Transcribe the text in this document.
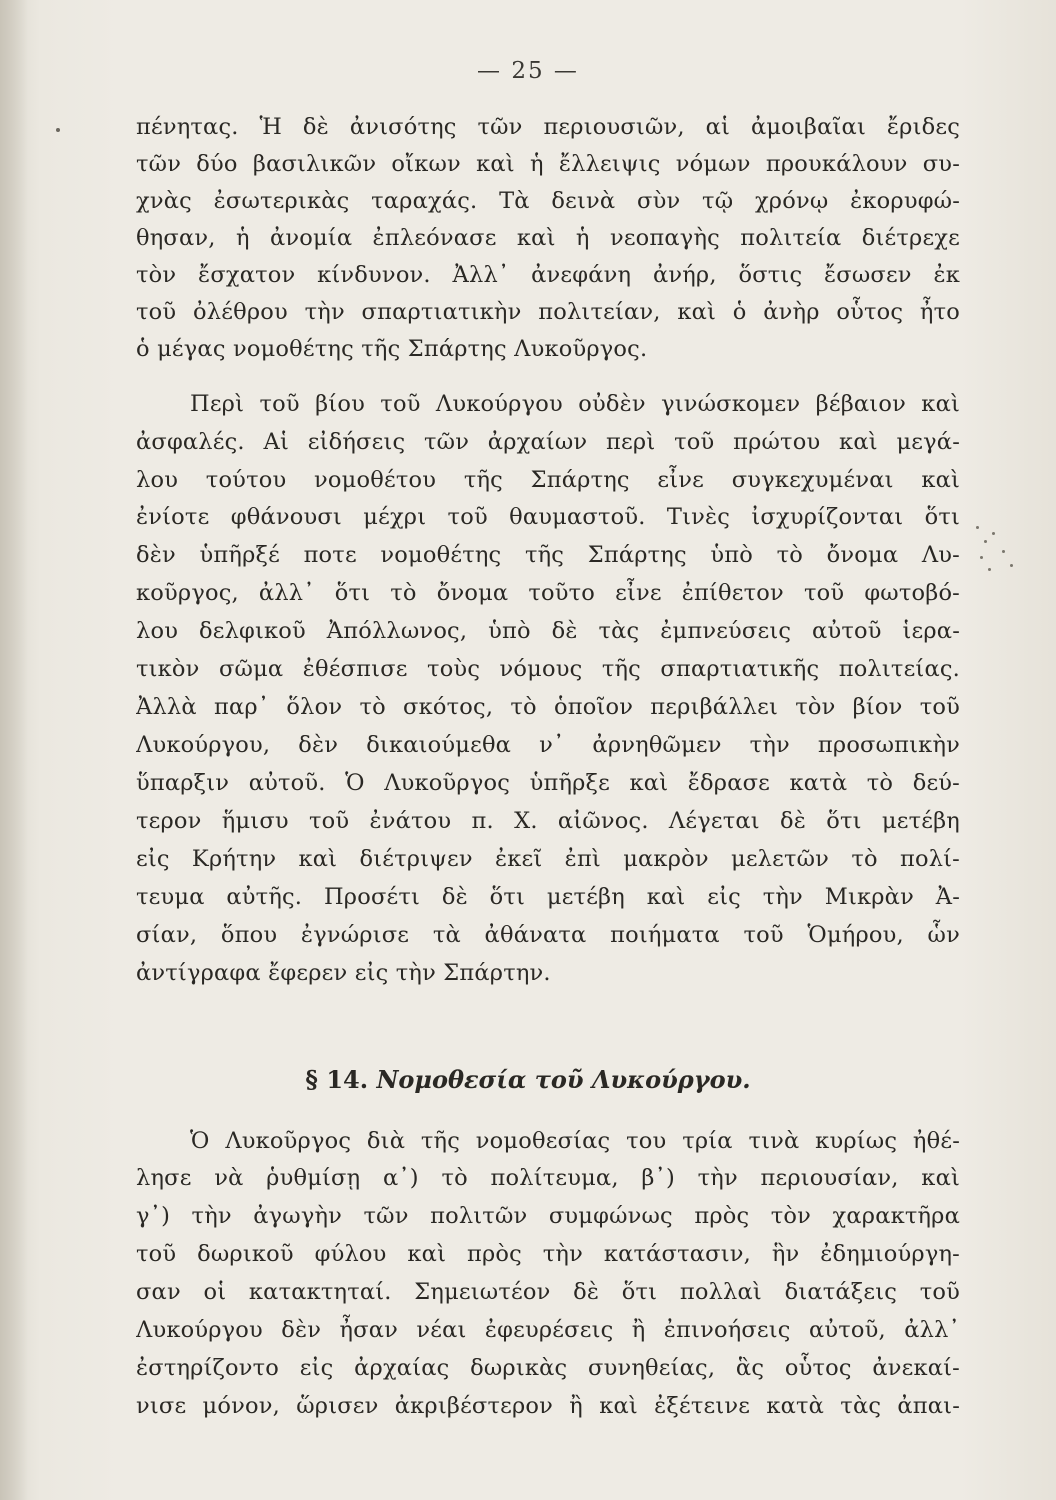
— 25 —
πένητας. Ἡ δὲ ἀνισότης τῶν περιουσιῶν, αἱ ἀμοιβαῖαι ἔριδες
τῶν δύο βασιλικῶν οἴκων καὶ ἡ ἔλλειψις νόμων προυκάλουν συ-
χνὰς ἐσωτερικὰς ταραχάς. Τὰ δεινὰ σὺν τῷ χρόνῳ ἐκορυφώ-
θησαν, ἡ ἀνομία ἐπλεόνασε καὶ ἡ νεοπαγὴς πολιτεία διέτρεχε
τὸν ἔσχατον κίνδυνον. Ἀλλ᾽ ἀνεφάνη ἀνήρ, ὅστις ἔσωσεν ἐκ
τοῦ ὀλέθρου τὴν σπαρτιατικὴν πολιτείαν, καὶ ὁ ἀνὴρ οὗτος ἦτο
ὁ μέγας νομοθέτης τῆς Σπάρτης Λυκοῦργος.
Περὶ τοῦ βίου τοῦ Λυκούργου οὐδὲν γινώσκομεν βέβαιον καὶ
ἀσφαλές. Αἱ εἰδήσεις τῶν ἀρχαίων περὶ τοῦ πρώτου καὶ μεγά-
λου τούτου νομοθέτου τῆς Σπάρτης εἶνε συγκεχυμέναι καὶ
ἐνίοτε φθάνουσι μέχρι τοῦ θαυμαστοῦ. Τινὲς ἰσχυρίζονται ὅτι
δὲν ὑπῆρξέ ποτε νομοθέτης τῆς Σπάρτης ὑπὸ τὸ ὄνομα Λυ-
κοῦργος, ἀλλ᾽ ὅτι τὸ ὄνομα τοῦτο εἶνε ἐπίθετον τοῦ φωτοβό-
λου δελφικοῦ Ἀπόλλωνος, ὑπὸ δὲ τὰς ἐμπνεύσεις αὐτοῦ ἱερα-
τικὸν σῶμα ἐθέσπισε τοὺς νόμους τῆς σπαρτιατικῆς πολιτείας.
Ἀλλὰ παρ᾽ ὅλον τὸ σκότος, τὸ ὁποῖον περιβάλλει τὸν βίον τοῦ
Λυκούργου, δὲν δικαιούμεθα ν᾽ ἀρνηθῶμεν τὴν προσωπικὴν
ὕπαρξιν αὐτοῦ. Ὁ Λυκοῦργος ὑπῆρξε καὶ ἔδρασε κατὰ τὸ δεύ-
τερον ἥμισυ τοῦ ἐνάτου π. Χ. αἰῶνος. Λέγεται δὲ ὅτι μετέβη
εἰς Κρήτην καὶ διέτριψεν ἐκεῖ ἐπὶ μακρὸν μελετῶν τὸ πολί-
τευμα αὐτῆς. Προσέτι δὲ ὅτι μετέβη καὶ εἰς τὴν Μικρὰν Ἀ-
σίαν, ὅπου ἐγνώρισε τὰ ἀθάνατα ποιήματα τοῦ Ὁμήρου, ὧν
ἀντίγραφα ἔφερεν εἰς τὴν Σπάρτην.
§ 14. Νομοθεσία τοῦ Λυκούργου.
Ὁ Λυκοῦργος διὰ τῆς νομοθεσίας του τρία τινὰ κυρίως ἠθέ-
λησε νὰ ῥυθμίσῃ α᾽) τὸ πολίτευμα, β᾽) τὴν περιουσίαν, καὶ
γ᾽) τὴν ἀγωγὴν τῶν πολιτῶν συμφώνως πρὸς τὸν χαρακτῆρα
τοῦ δωρικοῦ φύλου καὶ πρὸς τὴν κατάστασιν, ἣν ἐδημιούργη-
σαν οἱ κατακτηταί. Σημειωτέον δὲ ὅτι πολλαὶ διατάξεις τοῦ
Λυκούργου δὲν ἦσαν νέαι ἐφευρέσεις ἢ ἐπινοήσεις αὐτοῦ, ἀλλ᾽
ἐστηρίζοντο εἰς ἀρχαίας δωρικὰς συνηθείας, ἃς οὗτος ἀνεκαί-
νισε μόνον, ὥρισεν ἀκριβέστερον ἢ καὶ ἐξέτεινε κατὰ τὰς ἀπαι-
